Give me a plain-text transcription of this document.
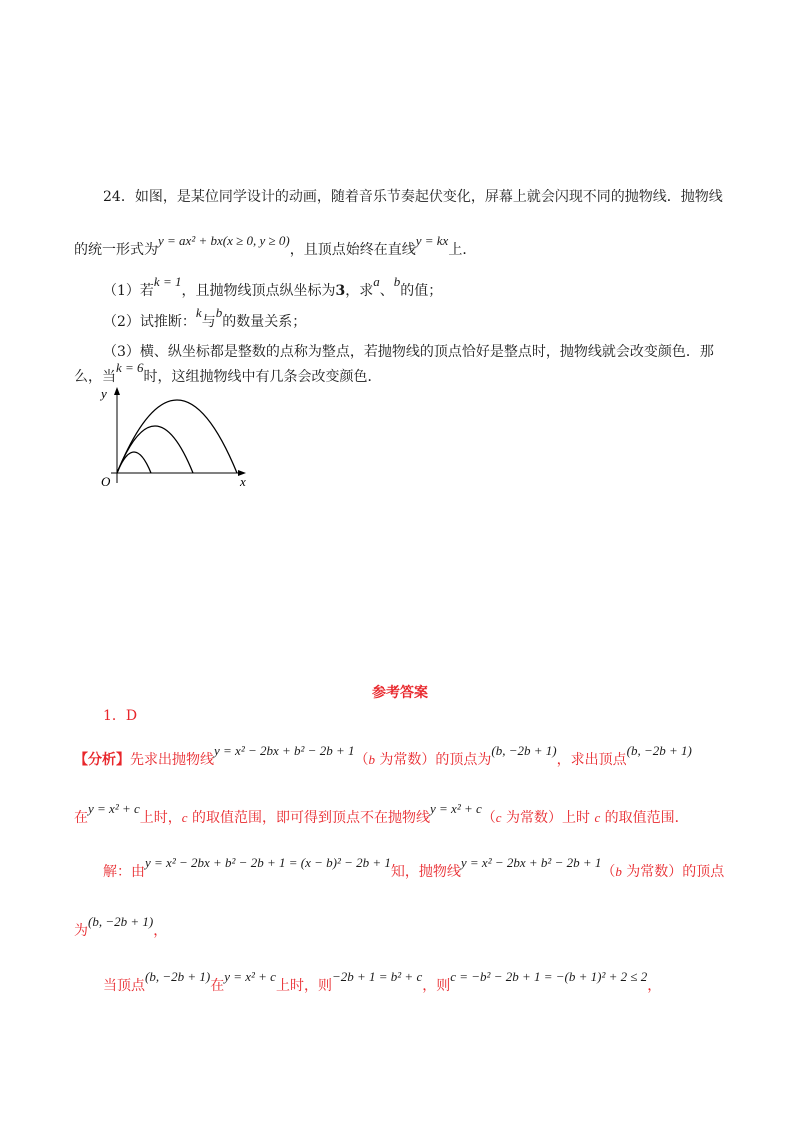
24．如图，是某位同学设计的动画，随着音乐节奏起伏变化，屏幕上就会闪现不同的抛物线．抛物线
的统一形式为y = ax² + bx(x ≥ 0, y ≥ 0)，且顶点始终在直线y = kx上．
（1）若k = 1，且抛物线顶点纵坐标为3，求a、b的值；
（2）试推断：k与b的数量关系；
（3）横、纵坐标都是整数的点称为整点，若抛物线的顶点恰好是整点时，抛物线就会改变颜色．那
么，当k = 6时，这组抛物线中有几条会改变颜色．
y
x
O
参考答案
1．D
【分析】先求出抛物线y = x² − 2bx + b² − 2b + 1（b 为常数）的顶点为(b, −2b + 1)，求出顶点(b, −2b + 1)
在y = x² + c上时，c 的取值范围，即可得到顶点不在抛物线y = x² + c（c 为常数）上时 c 的取值范围．
解：由y = x² − 2bx + b² − 2b + 1 = (x − b)² − 2b + 1知，抛物线y = x² − 2bx + b² − 2b + 1（b 为常数）的顶点
为(b, −2b + 1)，
当顶点(b, −2b + 1)在y = x² + c上时，则−2b + 1 = b² + c，则c = −b² − 2b + 1 = −(b + 1)² + 2 ≤ 2，
